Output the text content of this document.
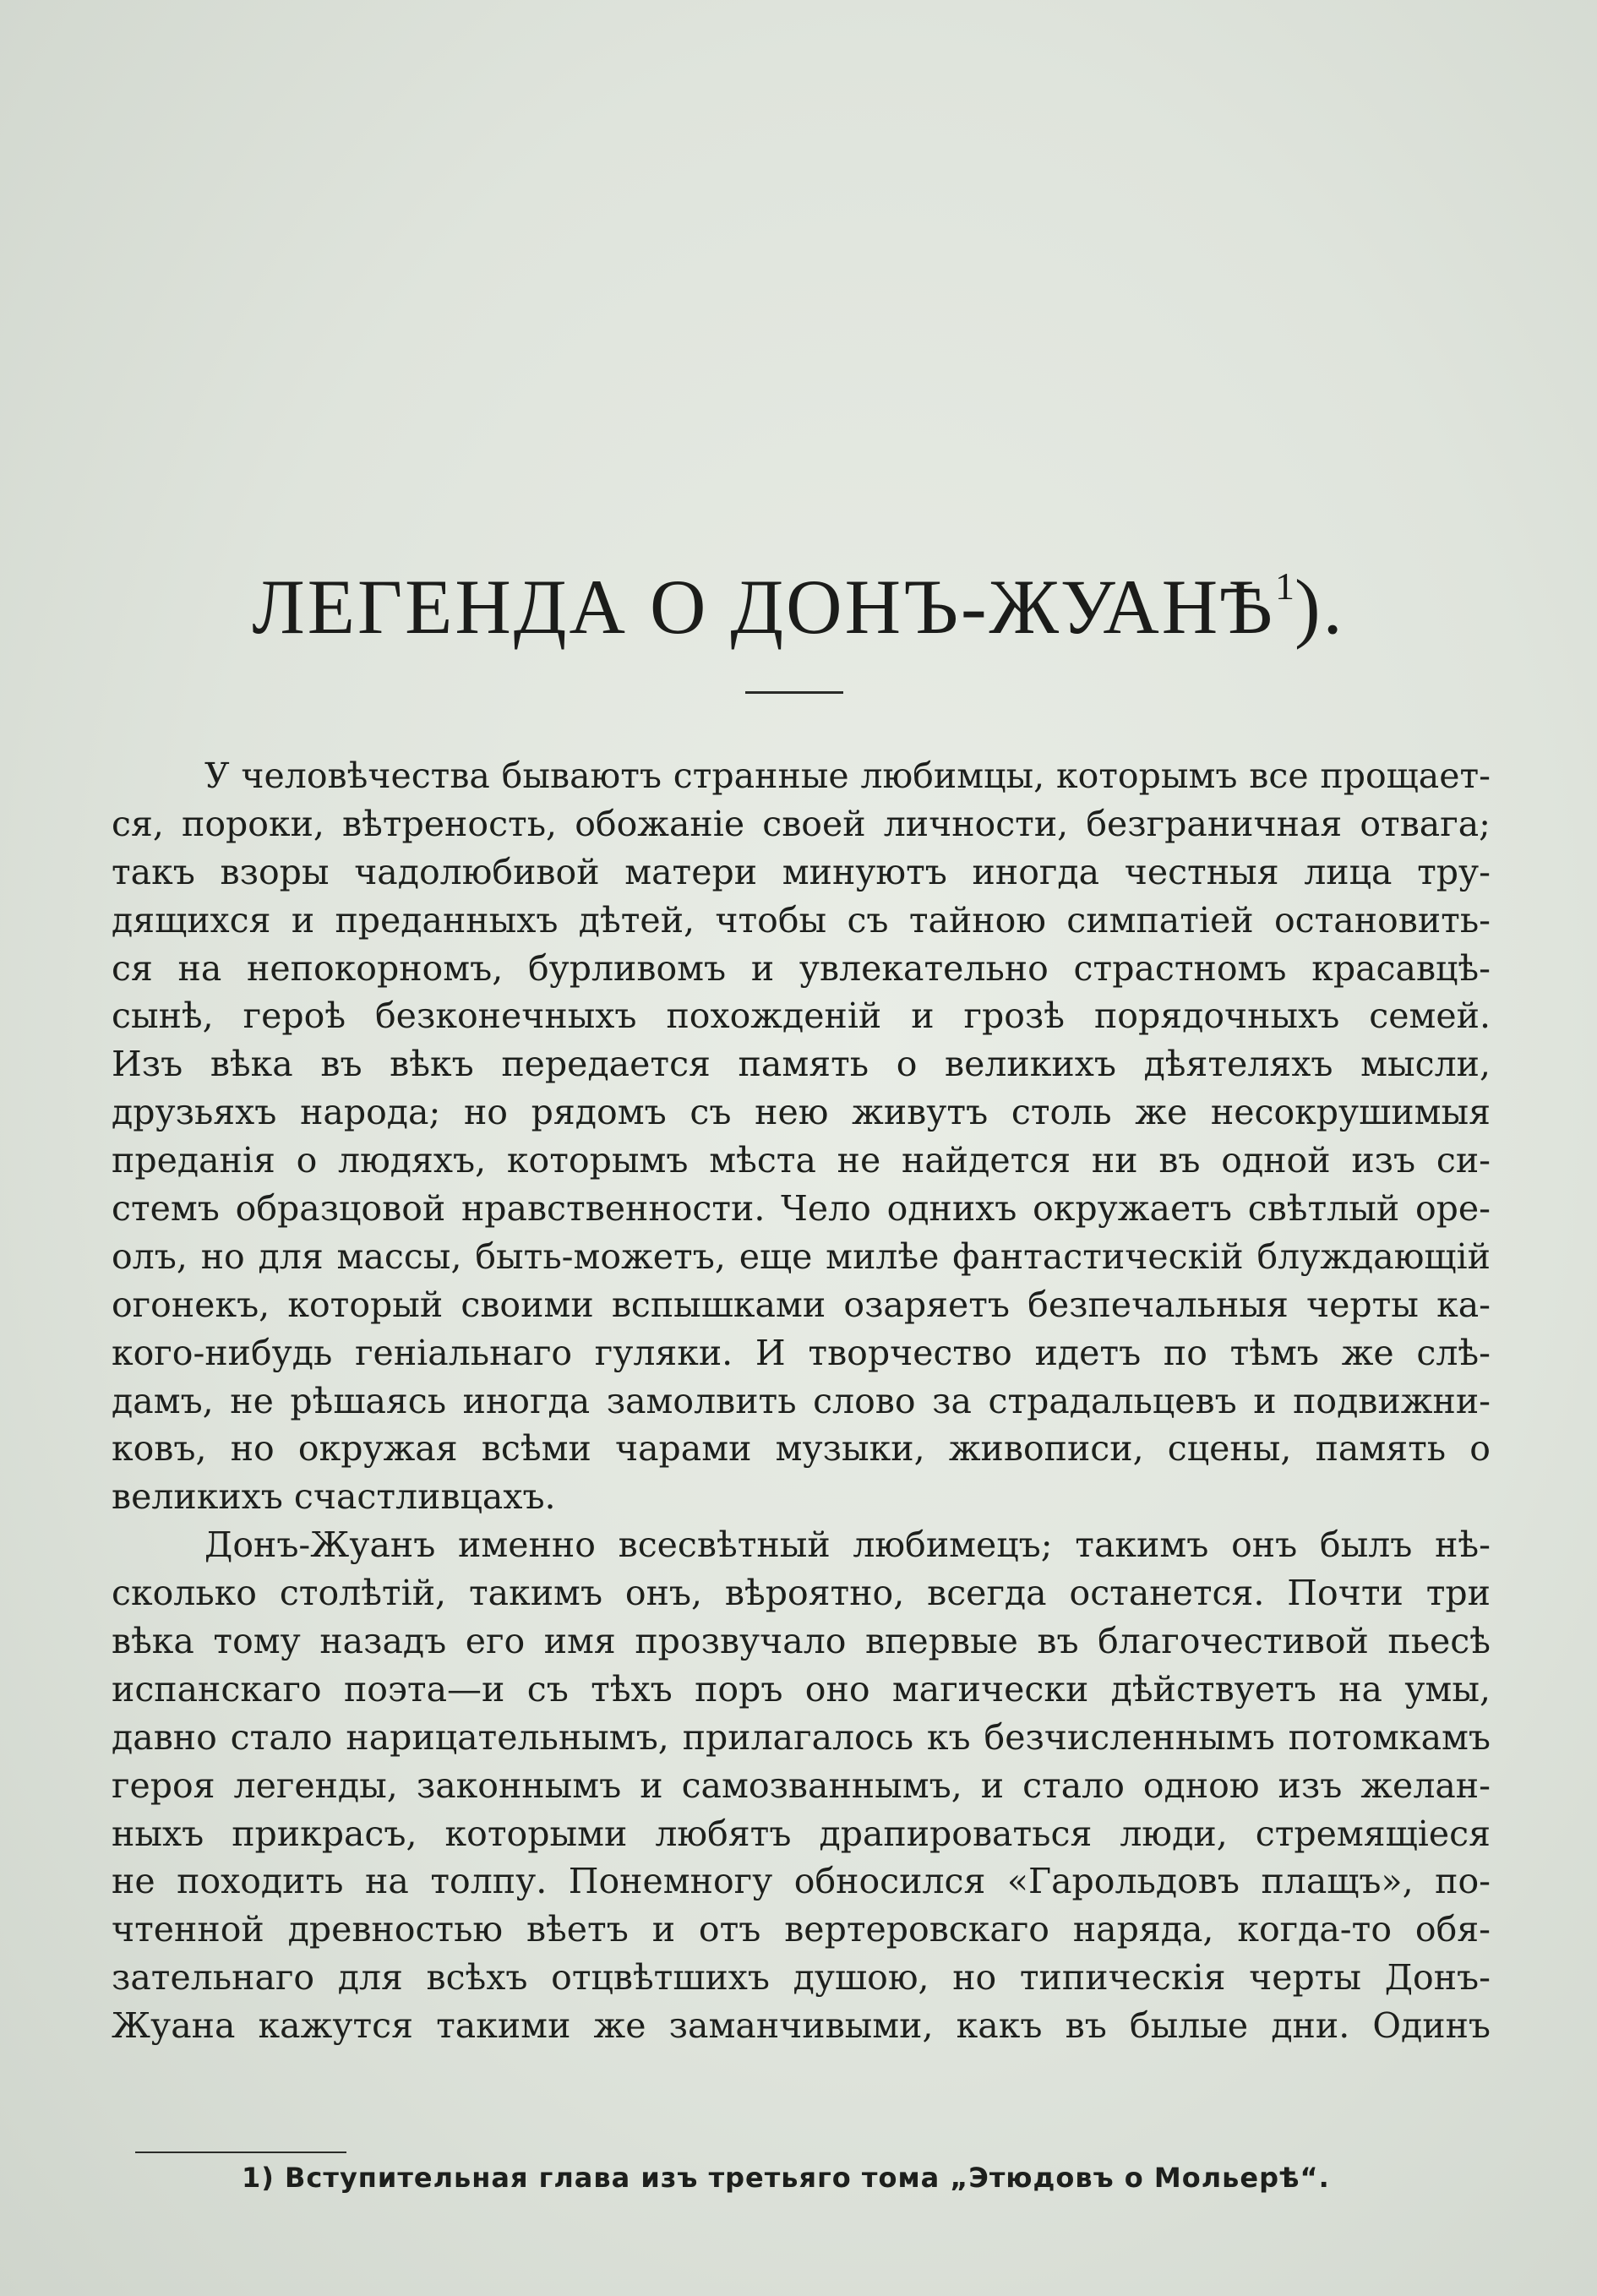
ЛЕГЕНДА О ДОНЪ-ЖУАНѢ$^1$).
У человѣчества бываютъ странные любимцы, которымъ все прощает-
ся, пороки, вѣтреность, обожаніе своей личности, безграничная отвага;
такъ взоры чадолюбивой матери минуютъ иногда честныя лица тру-
дящихся и преданныхъ дѣтей, чтобы съ тайною симпатіей остановить-
ся на непокорномъ, бурливомъ и увлекательно страстномъ красавцѣ-
сынѣ, героѣ безконечныхъ похожденій и грозѣ порядочныхъ семей.
Изъ вѣка въ вѣкъ передается память о великихъ дѣятеляхъ мысли,
друзьяхъ народа; но рядомъ съ нею живутъ столь же несокрушимыя
преданія о людяхъ, которымъ мѣста не найдется ни въ одной изъ си-
стемъ образцовой нравственности. Чело однихъ окружаетъ свѣтлый оре-
олъ, но для массы, быть-можетъ, еще милѣе фантастическій блуждающій
огонекъ, который своими вспышками озаряетъ безпечальныя черты ка-
кого-нибудь геніальнаго гуляки. И творчество идетъ по тѣмъ же слѣ-
дамъ, не рѣшаясь иногда замолвить слово за страдальцевъ и подвижни-
ковъ, но окружая всѣми чарами музыки, живописи, сцены, память о
великихъ счастливцахъ.
Донъ-Жуанъ именно всесвѣтный любимецъ; такимъ онъ былъ нѣ-
сколько столѣтій, такимъ онъ, вѣроятно, всегда останется. Почти три
вѣка тому назадъ его имя прозвучало впервые въ благочестивой пьесѣ
испанскаго поэта—и съ тѣхъ поръ оно магически дѣйствуетъ на умы,
давно стало нарицательнымъ, прилагалось къ безчисленнымъ потомкамъ
героя легенды, законнымъ и самозваннымъ, и стало одною изъ желан-
ныхъ прикрасъ, которыми любятъ драпироваться люди, стремящіеся
не походить на толпу. Понемногу обносился «Гарольдовъ плащъ», по-
чтенной древностью вѣетъ и отъ вертеровскаго наряда, когда-то обя-
зательнаго для всѣхъ отцвѣтшихъ душою, но типическія черты Донъ-
Жуана кажутся такими же заманчивыми, какъ въ былые дни. Одинъ
1) Вступительная глава изъ третьяго тома „Этюдовъ о Мольерѣ“.
